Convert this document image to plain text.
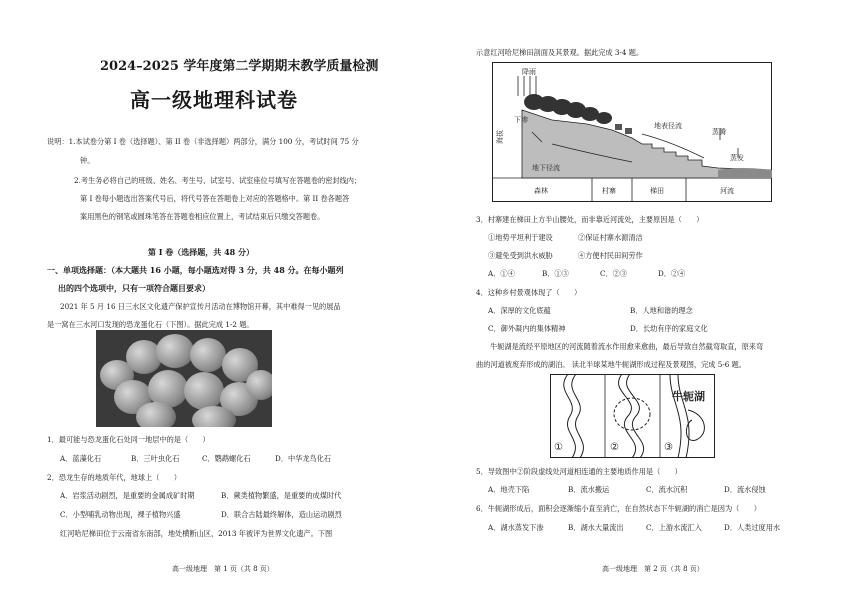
2024–2025 学年度第二学期期末教学质量检测
高一级地理科试卷
说明：1.本试卷分第 I 卷（选择题）、第 II 卷（非选择题）两部分，满分 100 分，考试时间 75 分
钟。
2.考生务必将自己的班级、姓名、考生号、试室号、试室座位号填写在答题卷的密封线内；
第 I 卷每小题选出答案代号后，将代号答在答题卷上对应的答题格中。第 II 卷各题答
案用黑色的钢笔或圆珠笔答在答题卷相应位置上，考试结束后只缴交答题卷。
第 I 卷（选择题，共 48 分）
一、单项选择题：（本大题共 16 小题，每小题选对得 3 分，共 48 分。在每小题列
出的四个选项中，只有一项符合题目要求）
2021 年 5 月 16 日三水区文化遗产保护宣传月活动在博物馆开幕，其中难得一见的展品
是一窝在三水河口发现的恐龙蛋化石（下图）。据此完成 1-2 题。
1．最可能与恐龙蛋化石处同一地层中的是（　　）
A．蓝藻化石	B．三叶虫化石	C．鹦鹉螺化石	D．中华龙鸟化石
2．恐龙生存的地质年代，地球上（　　）
A．岩浆活动剧烈，是重要的金属成矿时期	B．蕨类植物繁盛，是重要的成煤时代
C．小型哺乳动物出现，裸子植物兴盛	D．联合古陆最终解体，造山运动剧烈
红河哈尼梯田位于云南省东南部，地处横断山区，2013 年被评为世界文化遗产。下图
高一级地理　第 1 页（共 8 页）
示意红河哈尼梯田剖面及其景观。据此完成 3-4 题。
降雨
下渗
地下径流
地表径流
蒸腾
蒸发
海拔
森林	村寨	梯田	河流
3．村寨建在梯田上方半山腰处，而非靠近河流处，主要原因是（　　）
①地势平坦利于建设	②保证村寨水源清洁
③避免受到洪水威胁	④方便村民田间劳作
A．①④	B．①③	C．②③	D．②④
4．这种乡村景观体现了（　　）
A．深厚的文化底蕴	B．人地和谐的理念
C．御外凝内的集体精神	D．长幼有序的家庭文化
牛轭湖是流经平原地区的河流随着流水作用愈来愈曲，最后导致自然截弯取直，原来弯
曲的河道被废弃形成的湖泊。 读北半球某地牛轭湖形成过程及景观图，完成 5-6 题。
①	②	③
牛轭湖
5．导致图中②阶段虚线处河道相连通的主要地质作用是（　　）
A．地壳下陷	B．流水搬运	C．流水沉积	D．流水侵蚀
6．牛轭湖形成后，面积会逐渐缩小直至消亡，在自然状态下牛轭湖的消亡是因为（　　）
A．湖水蒸发下渗	B．湖水大量流出	C．上游水流汇入	D．人类过度用水
高一级地理　第 2 页（共 8 页）
